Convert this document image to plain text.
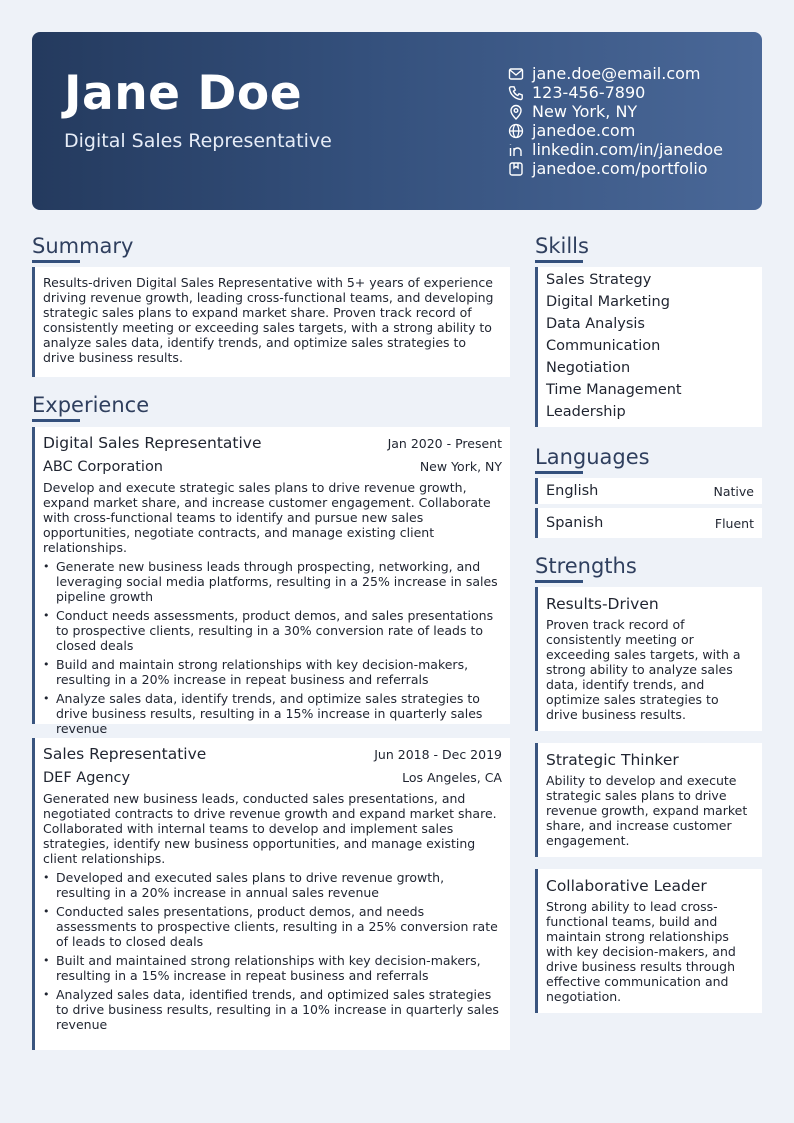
Jane Doe
Digital Sales Representative
jane.doe@email.com
123-456-7890
New York, NY
janedoe.com
linkedin.com/in/janedoe
janedoe.com/portfolio
Summary
Results-driven Digital Sales Representative with 5+ years of experience driving revenue growth, leading cross-functional teams, and developing strategic sales plans to expand market share. Proven track record of consistently meeting or exceeding sales targets, with a strong ability to analyze sales data, identify trends, and optimize sales strategies to drive business results.
Experience
Digital Sales Representative	Jan 2020 - Present
ABC Corporation	New York, NY
Develop and execute strategic sales plans to drive revenue growth, expand market share, and increase customer engagement. Collaborate with cross-functional teams to identify and pursue new sales opportunities, negotiate contracts, and manage existing client relationships.
• Generate new business leads through prospecting, networking, and leveraging social media platforms, resulting in a 25% increase in sales pipeline growth
• Conduct needs assessments, product demos, and sales presentations to prospective clients, resulting in a 30% conversion rate of leads to closed deals
• Build and maintain strong relationships with key decision-makers, resulting in a 20% increase in repeat business and referrals
• Analyze sales data, identify trends, and optimize sales strategies to drive business results, resulting in a 15% increase in quarterly sales revenue
Sales Representative	Jun 2018 - Dec 2019
DEF Agency	Los Angeles, CA
Generated new business leads, conducted sales presentations, and negotiated contracts to drive revenue growth and expand market share. Collaborated with internal teams to develop and implement sales strategies, identify new business opportunities, and manage existing client relationships.
• Developed and executed sales plans to drive revenue growth, resulting in a 20% increase in annual sales revenue
• Conducted sales presentations, product demos, and needs assessments to prospective clients, resulting in a 25% conversion rate of leads to closed deals
• Built and maintained strong relationships with key decision-makers, resulting in a 15% increase in repeat business and referrals
• Analyzed sales data, identified trends, and optimized sales strategies to drive business results, resulting in a 10% increase in quarterly sales revenue
Skills
Sales Strategy
Digital Marketing
Data Analysis
Communication
Negotiation
Time Management
Leadership
Languages
English	Native
Spanish	Fluent
Strengths
Results-Driven
Proven track record of consistently meeting or exceeding sales targets, with a strong ability to analyze sales data, identify trends, and optimize sales strategies to drive business results.
Strategic Thinker
Ability to develop and execute strategic sales plans to drive revenue growth, expand market share, and increase customer engagement.
Collaborative Leader
Strong ability to lead cross-functional teams, build and maintain strong relationships with key decision-makers, and drive business results through effective communication and negotiation.
